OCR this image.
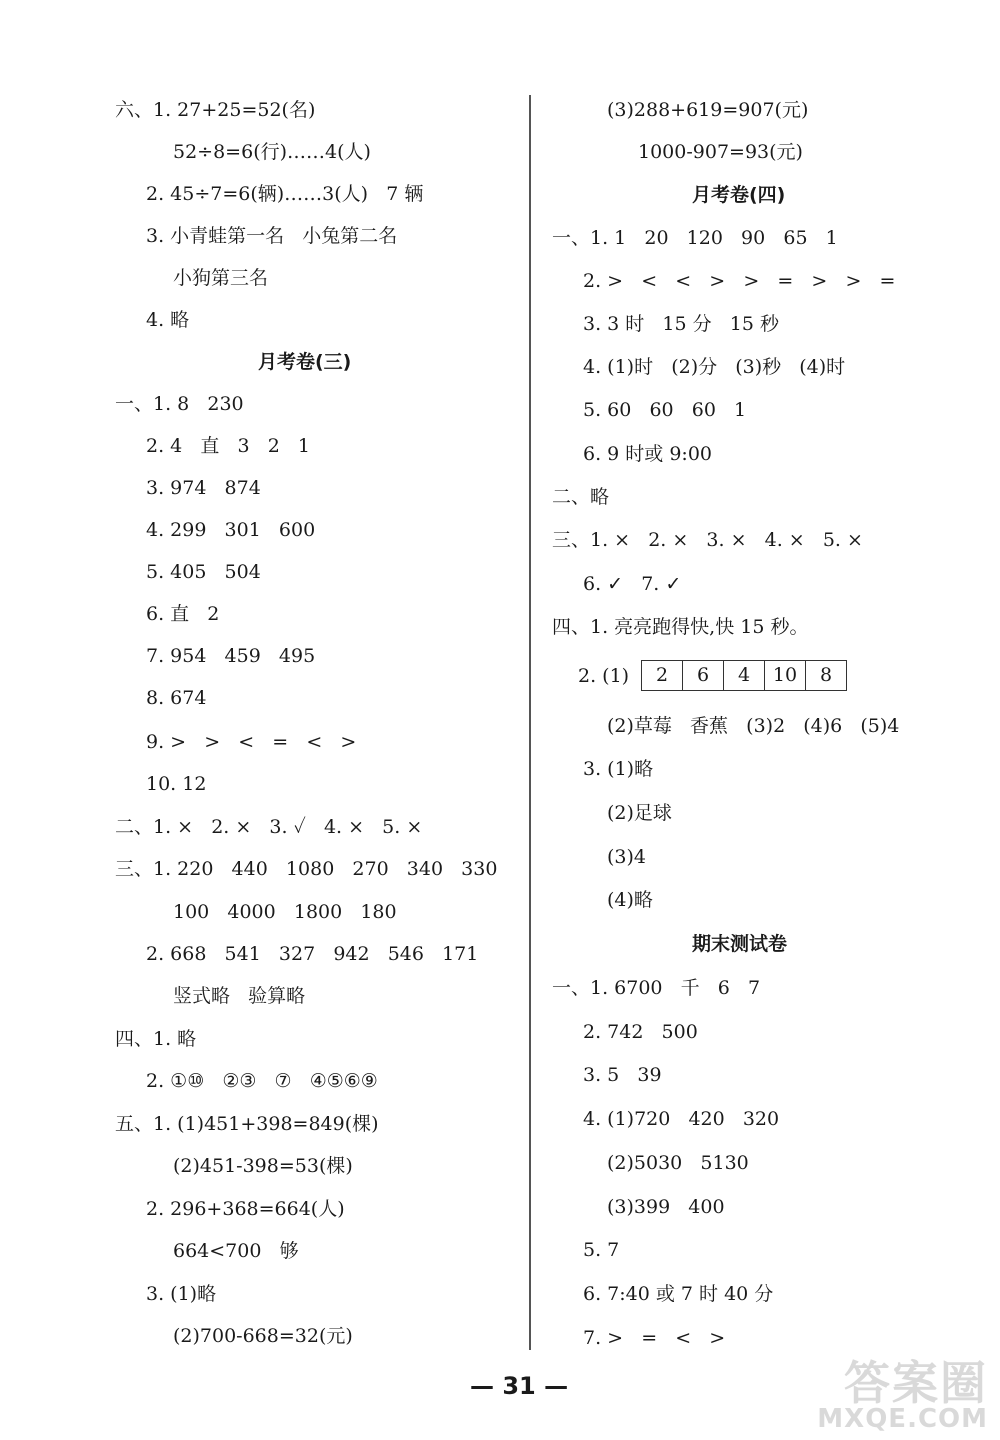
六、1. 27+25=52(名)
52÷8=6(行)……4(人)
2. 45÷7=6(辆)……3(人)   7 辆
3. 小青蛙第一名   小兔第二名
小狗第三名
4. 略
月考卷(三)
一、1. 8   230
2. 4   直   3   2   1
3. 974   874
4. 299   301   600
5. 405   504
6. 直   2
7. 954   459   495
8. 674
9. >   >   <   =   <   >
10. 12
二、1. ×   2. ×   3. ✓   4. ×   5. ×
三、1. 220   440   1080   270   340   330
100   4000   1800   180
2. 668   541   327   942   546   171
竖式略   验算略
四、1. 略
2. ①⑩   ②③   ⑦   ④⑤⑥⑨
五、1. (1)451+398=849(棵)
(2)451-398=53(棵)
2. 296+368=664(人)
664<700   够
3. (1)略
(2)700-668=32(元)
(3)288+619=907(元)
1000-907=93(元)
月考卷(四)
一、1. 1   20   120   90   65   1
2. >   <   <   >   >   =   >   >   =
3. 3 时   15 分   15 秒
4. (1)时   (2)分   (3)秒   (4)时
5. 60   60   60   1
6. 9 时或 9:00
二、略
三、1. ×   2. ×   3. ×   4. ×   5. ×
6. ✓   7. ✓
四、1. 亮亮跑得快,快 15 秒。
2. (1)	2	6	4	10	8
(2)草莓   香蕉   (3)2   (4)6   (5)4
3. (1)略
(2)足球
(3)4
(4)略
期末测试卷
一、1. 6700   千   6   7
2. 742   500
3. 5   39
4. (1)720   420   320
(2)5030   5130
(3)399   400
5. 7
6. 7:40 或 7 时 40 分
7. >   =   <   >
— 31 —	答案圈
MXQE.COM
